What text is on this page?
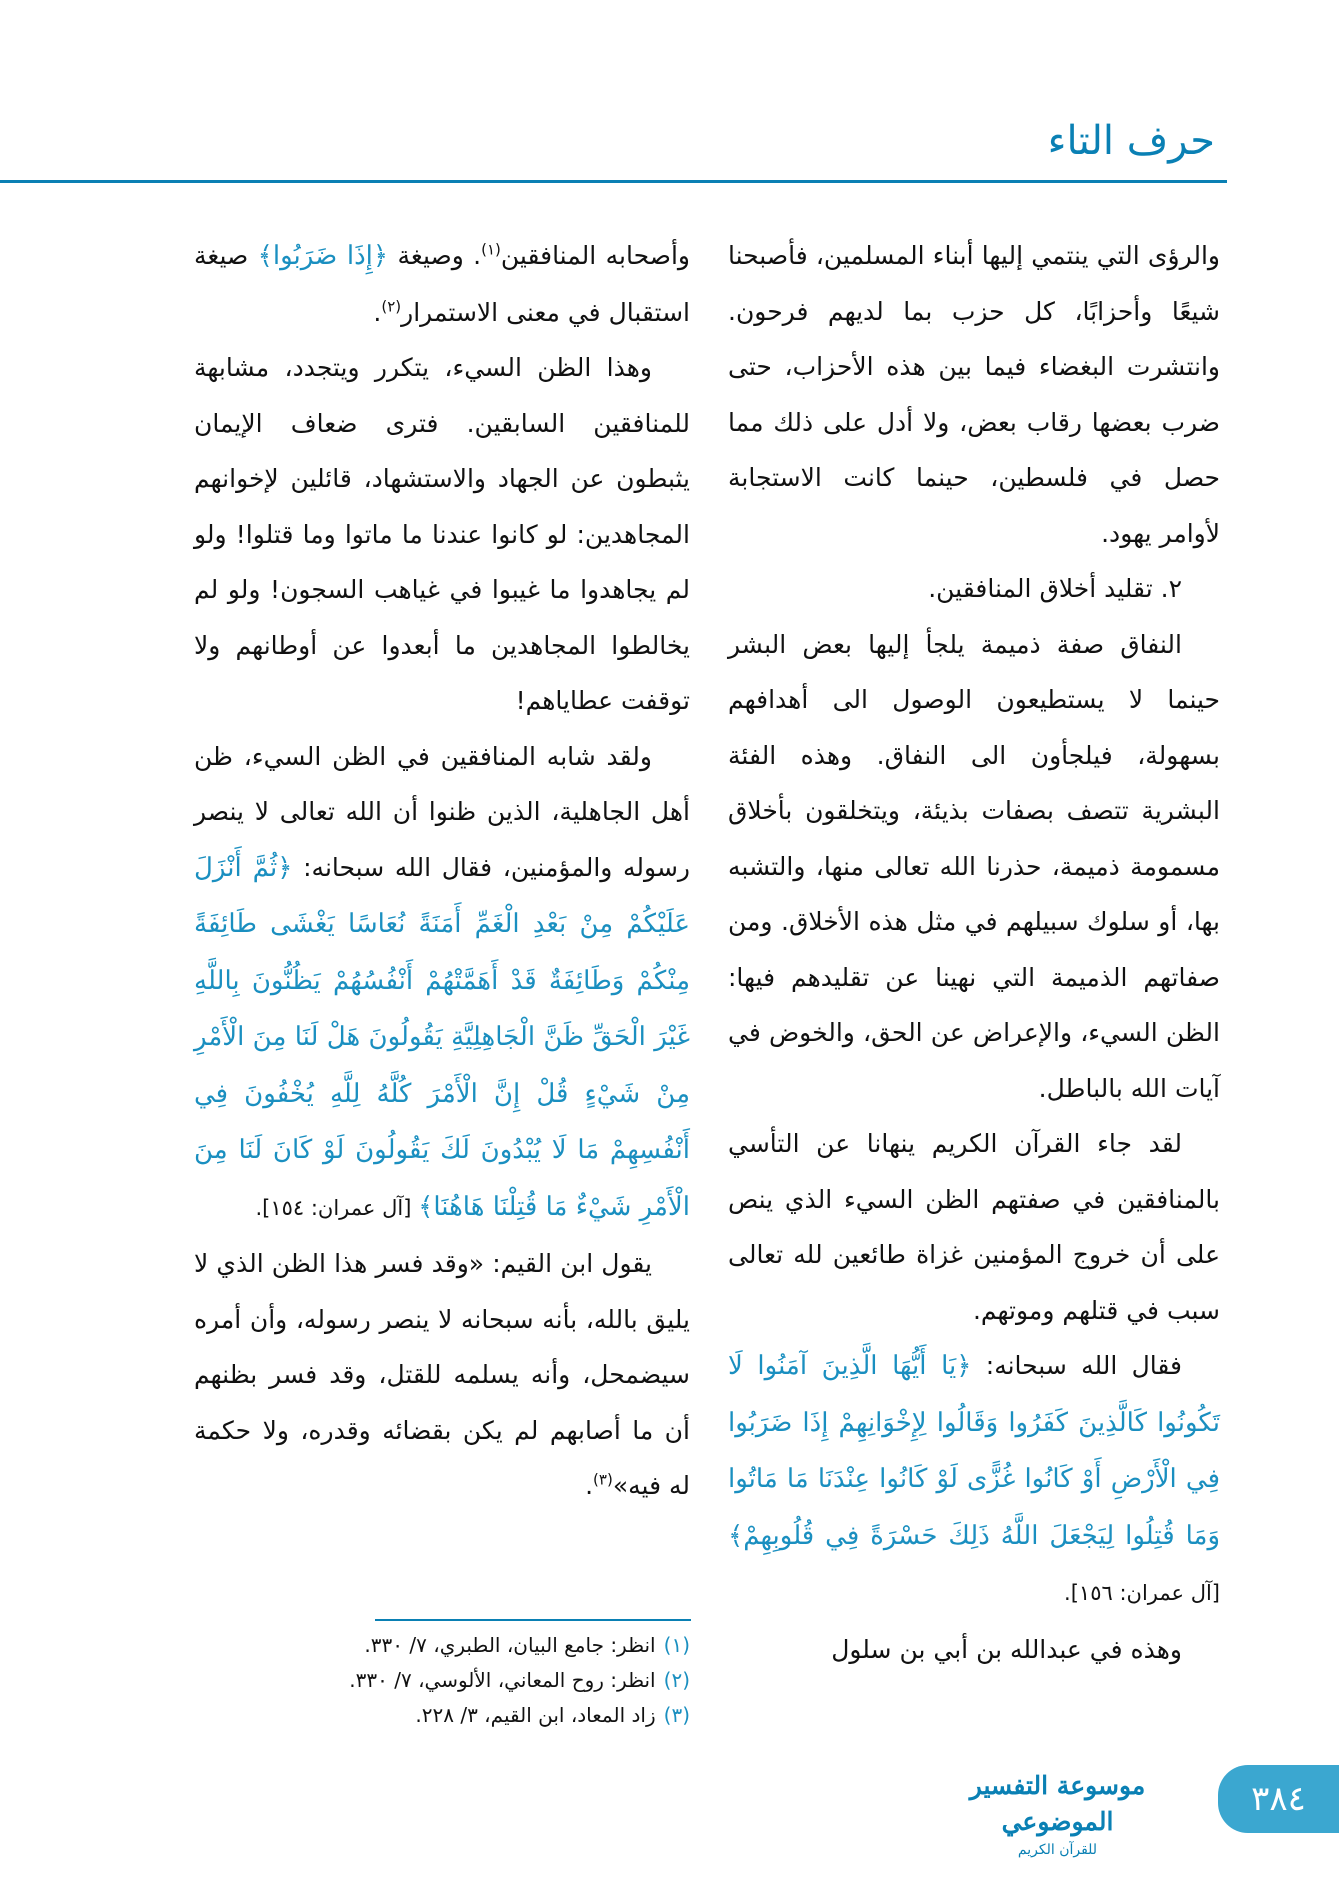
حرف التاء

والرؤى التي ينتمي إليها أبناء المسلمين، فأصبحنا شيعًا وأحزابًا، كل حزب بما لديهم فرحون. وانتشرت البغضاء فيما بين هذه الأحزاب، حتى ضرب بعضها رقاب بعض، ولا أدل على ذلك مما حصل في فلسطين، حينما كانت الاستجابة لأوامر يهود.

٢. تقليد أخلاق المنافقين.

النفاق صفة ذميمة يلجأ إليها بعض البشر حينما لا يستطيعون الوصول الى أهدافهم بسهولة، فيلجأون الى النفاق. وهذه الفئة البشرية تتصف بصفات بذيئة، ويتخلقون بأخلاق مسمومة ذميمة، حذرنا الله تعالى منها، والتشبه بها، أو سلوك سبيلهم في مثل هذه الأخلاق. ومن صفاتهم الذميمة التي نهينا عن تقليدهم فيها: الظن السيء، والإعراض عن الحق، والخوض في آيات الله بالباطل.

لقد جاء القرآن الكريم ينهانا عن التأسي بالمنافقين في صفتهم الظن السيء الذي ينص على أن خروج المؤمنين غزاة طائعين لله تعالى سبب في قتلهم وموتهم.

فقال الله سبحانه: ﴿يَا أَيُّهَا الَّذِينَ آمَنُوا لَا تَكُونُوا كَالَّذِينَ كَفَرُوا وَقَالُوا لِإِخْوَانِهِمْ إِذَا ضَرَبُوا فِي الْأَرْضِ أَوْ كَانُوا غُزًّى لَوْ كَانُوا عِنْدَنَا مَا مَاتُوا وَمَا قُتِلُوا لِيَجْعَلَ اللَّهُ ذَلِكَ حَسْرَةً فِي قُلُوبِهِمْ﴾ [آل عمران: ١٥٦].

وهذه في عبدالله بن أبي بن سلول

وأصحابه المنافقين$^{(١)}$. وصيغة ﴿إِذَا ضَرَبُوا﴾ صيغة استقبال في معنى الاستمرار$^{(٢)}$.

وهذا الظن السيء، يتكرر ويتجدد، مشابهة للمنافقين السابقين. فترى ضعاف الإيمان يثبطون عن الجهاد والاستشهاد، قائلين لإخوانهم المجاهدين: لو كانوا عندنا ما ماتوا وما قتلوا! ولو لم يجاهدوا ما غيبوا في غياهب السجون! ولو لم يخالطوا المجاهدين ما أبعدوا عن أوطانهم ولا توقفت عطاياهم!

ولقد شابه المنافقين في الظن السيء، ظن أهل الجاهلية، الذين ظنوا أن الله تعالى لا ينصر رسوله والمؤمنين، فقال الله سبحانه: ﴿ثُمَّ أَنْزَلَ عَلَيْكُمْ مِنْ بَعْدِ الْغَمِّ أَمَنَةً نُعَاسًا يَغْشَى طَائِفَةً مِنْكُمْ وَطَائِفَةٌ قَدْ أَهَمَّتْهُمْ أَنْفُسُهُمْ يَظُنُّونَ بِاللَّهِ غَيْرَ الْحَقِّ ظَنَّ الْجَاهِلِيَّةِ يَقُولُونَ هَلْ لَنَا مِنَ الْأَمْرِ مِنْ شَيْءٍ قُلْ إِنَّ الْأَمْرَ كُلَّهُ لِلَّهِ يُخْفُونَ فِي أَنْفُسِهِمْ مَا لَا يُبْدُونَ لَكَ يَقُولُونَ لَوْ كَانَ لَنَا مِنَ الْأَمْرِ شَيْءٌ مَا قُتِلْنَا هَاهُنَا﴾ [آل عمران: ١٥٤].

يقول ابن القيم: «وقد فسر هذا الظن الذي لا يليق بالله، بأنه سبحانه لا ينصر رسوله، وأن أمره سيضمحل، وأنه يسلمه للقتل، وقد فسر بظنهم أن ما أصابهم لم يكن بقضائه وقدره، ولا حكمة له فيه»$^{(٣)}$.

(١)انظر: جامع البيان، الطبري، ٧/ ٣٣٠.
(٢)انظر: روح المعاني، الألوسي، ٧/ ٣٣٠.
(٣)زاد المعاد، ابن القيم، ٣/ ٢٢٨.
موسوعة التفسير الموضوعي
للقرآن الكريم
٣٨٤
